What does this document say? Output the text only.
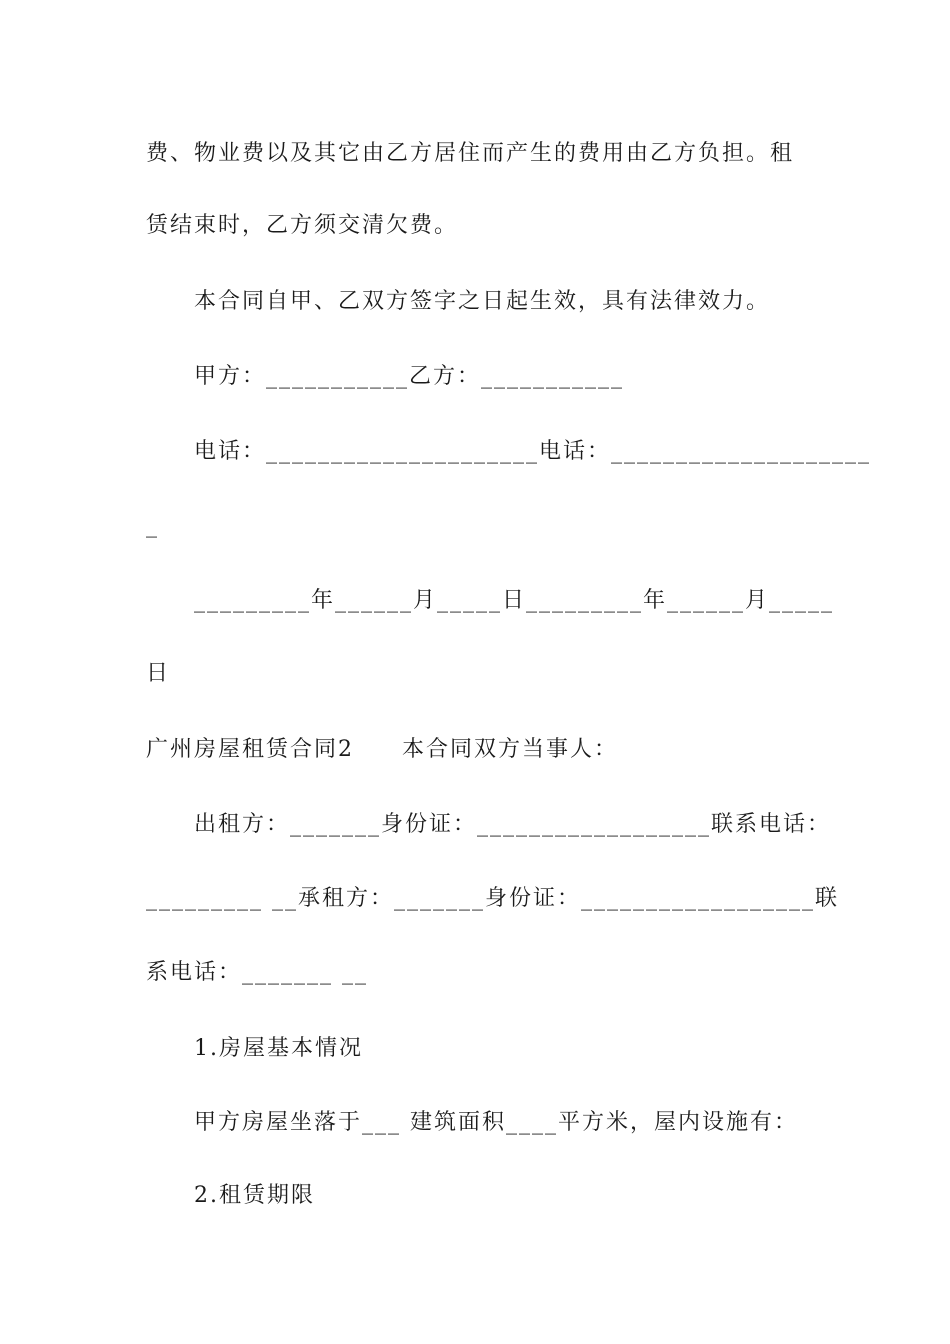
费、物业费以及其它由乙方居住而产生的费用由乙方负担。租
赁结束时，乙方须交清欠费。
本合同自甲、乙双方签字之日起生效，具有法律效力。
甲方：___________乙方：___________
电话：_____________________电话：____________________
_
_________年______月_____日_________年______月_____
日
广州房屋租赁合同2　　本合同双方当事人：
出租方：_______身份证：__________________联系电话：
_________ __承租方：_______身份证：__________________联
系电话：_______ __
1.房屋基本情况
甲方房屋坐落于___ 建筑面积____平方米，屋内设施有：
2.租赁期限
